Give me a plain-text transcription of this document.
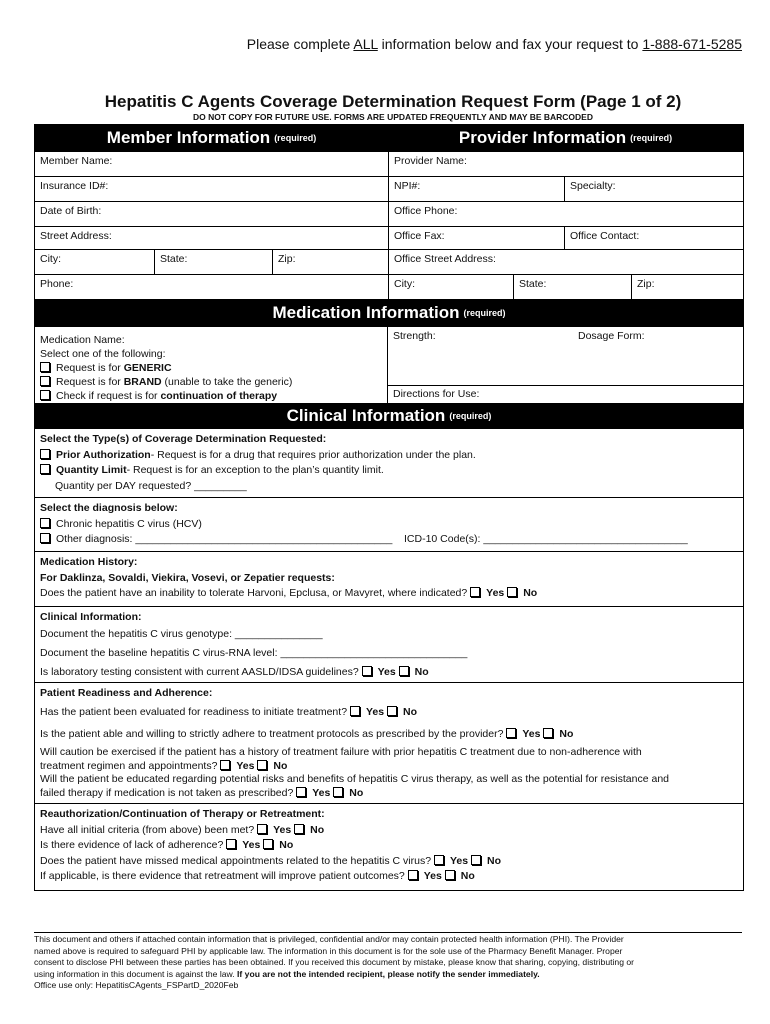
Please complete ALL information below and fax your request to 1-888-671-5285
Hepatitis C Agents Coverage Determination Request Form (Page 1 of 2)
DO NOT COPY FOR FUTURE USE. FORMS ARE UPDATED FREQUENTLY AND MAY BE BARCODED
Member Information (required)	Provider Information (required)
Member Name:	Provider Name:
Insurance ID#:	NPI#:	Specialty:
Date of Birth:	Office Phone:
Street Address:	Office Fax:	Office Contact:
City:	State:	Zip:	Office Street Address:
Phone:	City:	State:	Zip:
Medication Information (required)
Medication Name:
Select one of the following:
Request is for GENERIC
Request is for BRAND (unable to take the generic)
Check if request is for continuation of therapy
Strength:	Dosage Form:
Directions for Use:
Clinical Information (required)
Select the Type(s) of Coverage Determination Requested:
Prior Authorization- Request is for a drug that requires prior authorization under the plan.
Quantity Limit- Request is for an exception to the plan’s quantity limit.
Quantity per DAY requested? _________
Select the diagnosis below:
Chronic hepatitis C virus (HCV)
Other diagnosis: ____________________________________________ ICD-10 Code(s): ___________________________________
Medication History:
For Daklinza, Sovaldi, Viekira, Vosevi, or Zepatier requests:
Does the patient have an inability to tolerate Harvoni, Epclusa, or Mavyret, where indicated? Yes No
Clinical Information:
Document the hepatitis C virus genotype: _______________
Document the baseline hepatitis C virus-RNA level: ________________________________
Is laboratory testing consistent with current AASLD/IDSA guidelines? Yes No
Patient Readiness and Adherence:
Has the patient been evaluated for readiness to initiate treatment? Yes No
Is the patient able and willing to strictly adhere to treatment protocols as prescribed by the provider? Yes No
Will caution be exercised if the patient has a history of treatment failure with prior hepatitis C treatment due to non-adherence with
treatment regimen and appointments? Yes No
Will the patient be educated regarding potential risks and benefits of hepatitis C virus therapy, as well as the potential for resistance and
failed therapy if medication is not taken as prescribed? Yes No
Reauthorization/Continuation of Therapy or Retreatment:
Have all initial criteria (from above) been met? Yes No
Is there evidence of lack of adherence? Yes No
Does the patient have missed medical appointments related to the hepatitis C virus? Yes No
If applicable, is there evidence that retreatment will improve patient outcomes? Yes No
This document and others if attached contain information that is privileged, confidential and/or may contain protected health information (PHI). The Provider
named above is required to safeguard PHI by applicable law. The information in this document is for the sole use of the Pharmacy Benefit Manager. Proper
consent to disclose PHI between these parties has been obtained. If you received this document by mistake, please know that sharing, copying, distributing or
using information in this document is against the law. If you are not the intended recipient, please notify the sender immediately.
Office use only: HepatitisCAgents_FSPartD_2020Feb
